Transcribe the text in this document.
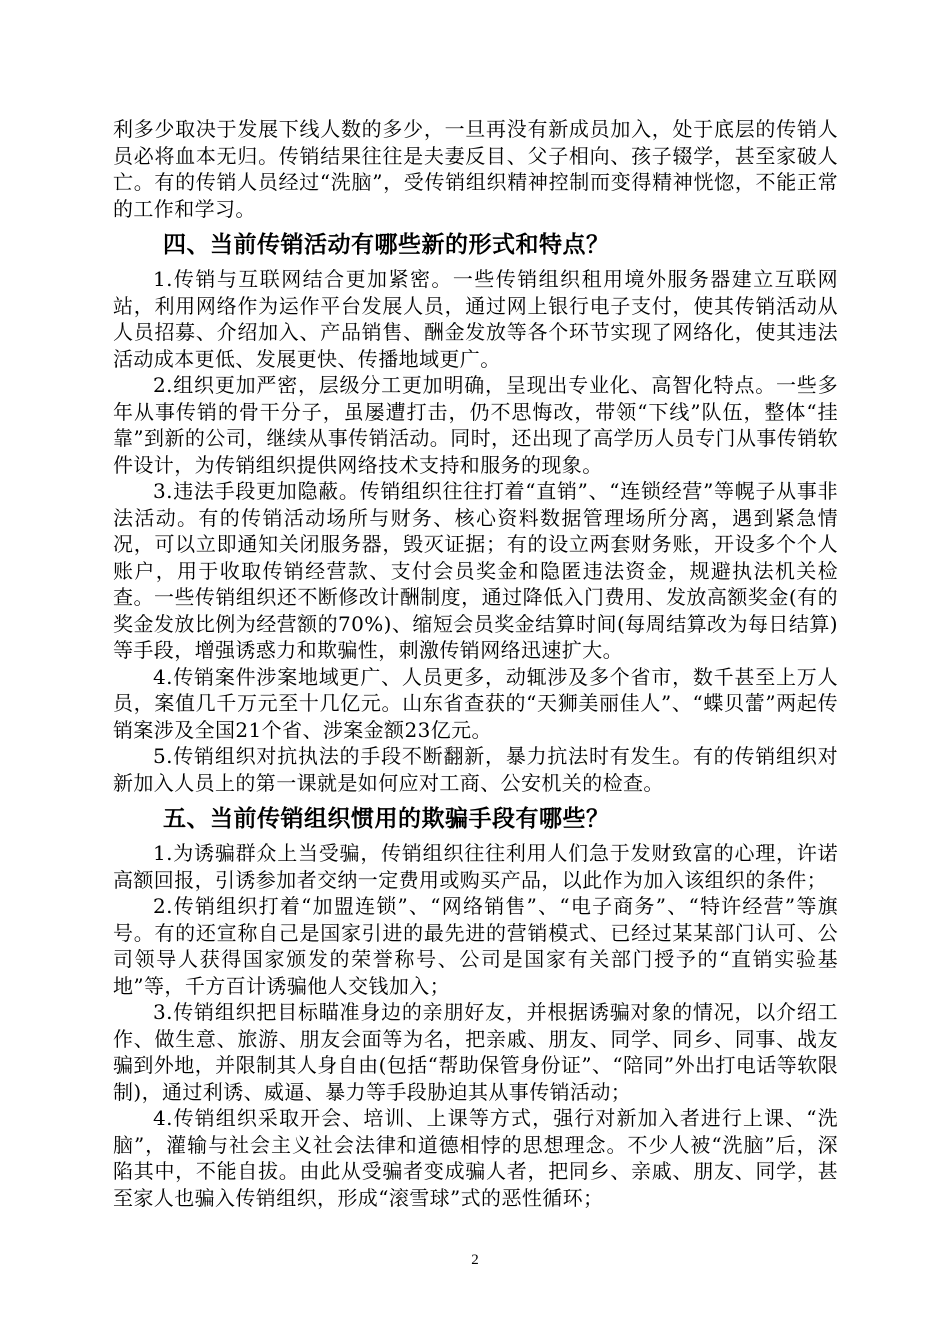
利多少取决于发展下线人数的多少，一旦再没有新成员加入，处于底层的传销人员必将血本无归。传销结果往往是夫妻反目、父子相向、孩子辍学，甚至家破人亡。有的传销人员经过“洗脑”，受传销组织精神控制而变得精神恍惚，不能正常的工作和学习。

四、当前传销活动有哪些新的形式和特点？

1.传销与互联网结合更加紧密。一些传销组织租用境外服务器建立互联网站，利用网络作为运作平台发展人员，通过网上银行电子支付，使其传销活动从人员招募、介绍加入、产品销售、酬金发放等各个环节实现了网络化，使其违法活动成本更低、发展更快、传播地域更广。

2.组织更加严密，层级分工更加明确，呈现出专业化、高智化特点。一些多年从事传销的骨干分子，虽屡遭打击，仍不思悔改，带领“下线”队伍，整体“挂靠”到新的公司，继续从事传销活动。同时，还出现了高学历人员专门从事传销软件设计，为传销组织提供网络技术支持和服务的现象。

3.违法手段更加隐蔽。传销组织往往打着“直销”、“连锁经营”等幌子从事非法活动。有的传销活动场所与财务、核心资料数据管理场所分离，遇到紧急情况，可以立即通知关闭服务器，毁灭证据；有的设立两套财务账，开设多个个人账户，用于收取传销经营款、支付会员奖金和隐匿违法资金，规避执法机关检查。一些传销组织还不断修改计酬制度，通过降低入门费用、发放高额奖金(有的奖金发放比例为经营额的70%)、缩短会员奖金结算时间(每周结算改为每日结算)等手段，增强诱惑力和欺骗性，刺激传销网络迅速扩大。

4.传销案件涉案地域更广、人员更多，动辄涉及多个省市，数千甚至上万人员，案值几千万元至十几亿元。山东省查获的“天狮美丽佳人”、“蝶贝蕾”两起传销案涉及全国21个省、涉案金额23亿元。

5.传销组织对抗执法的手段不断翻新，暴力抗法时有发生。有的传销组织对新加入人员上的第一课就是如何应对工商、公安机关的检查。

五、当前传销组织惯用的欺骗手段有哪些？

1.为诱骗群众上当受骗，传销组织往往利用人们急于发财致富的心理，许诺高额回报，引诱参加者交纳一定费用或购买产品，以此作为加入该组织的条件；

2.传销组织打着“加盟连锁”、“网络销售”、“电子商务”、“特许经营”等旗号。有的还宣称自己是国家引进的最先进的营销模式、已经过某某部门认可、公司领导人获得国家颁发的荣誉称号、公司是国家有关部门授予的“直销实验基地”等，千方百计诱骗他人交钱加入；

3.传销组织把目标瞄准身边的亲朋好友，并根据诱骗对象的情况，以介绍工作、做生意、旅游、朋友会面等为名，把亲戚、朋友、同学、同乡、同事、战友骗到外地，并限制其人身自由(包括“帮助保管身份证”、“陪同”外出打电话等软限制)，通过利诱、威逼、暴力等手段胁迫其从事传销活动；

4.传销组织采取开会、培训、上课等方式，强行对新加入者进行上课、“洗脑”，灌输与社会主义社会法律和道德相悖的思想理念。不少人被“洗脑”后，深陷其中，不能自拔。由此从受骗者变成骗人者，把同乡、亲戚、朋友、同学，甚至家人也骗入传销组织，形成“滚雪球”式的恶性循环；

2
